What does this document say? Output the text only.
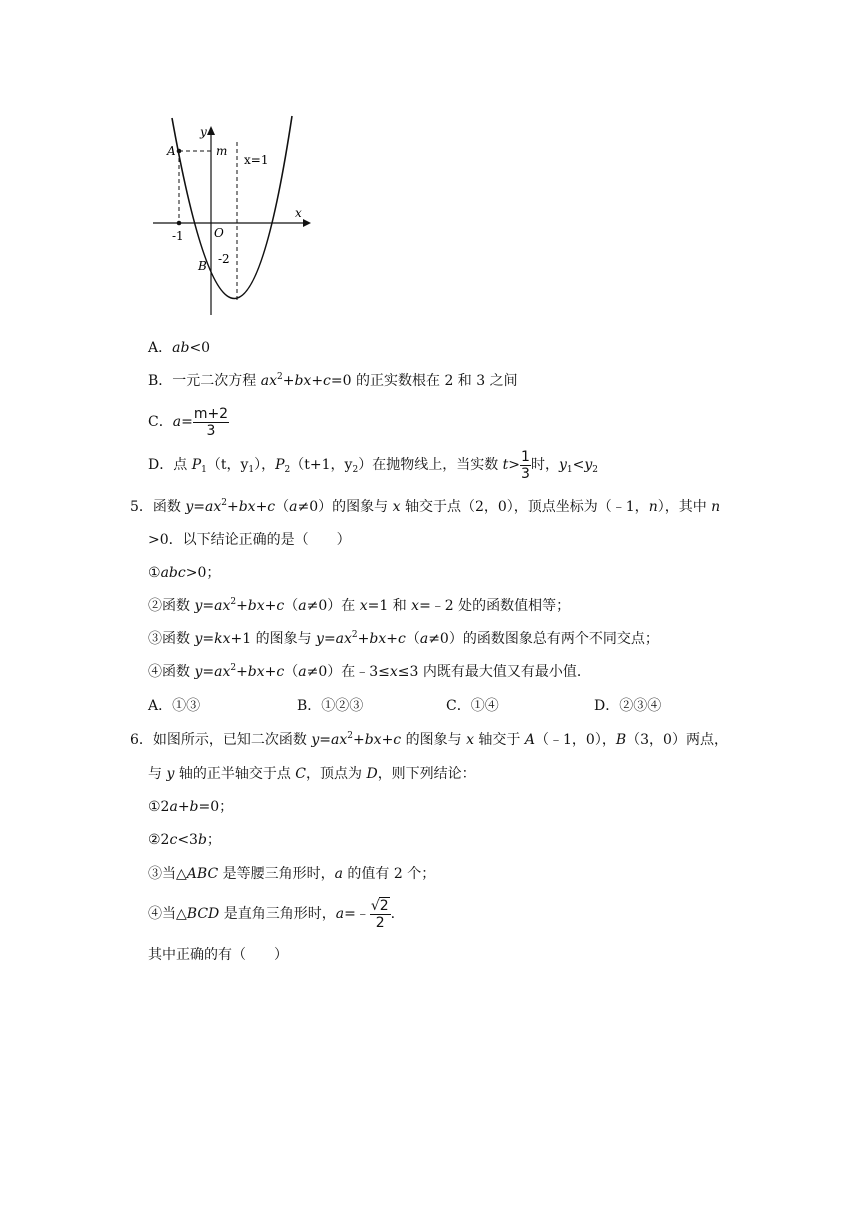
y
x
A	m
x=1
-1	O
B -2
A．ab<0
B．一元二次方程 $ax^2+bx+c=0$ 的正实数根在 2 和 3 之间
C．$a= \frac{m+2}{3}$
D．点 $P_1(t$，$y_1$），$P_2(t+1$，$y_2$）在抛物线上，当实数 $t> \frac{1}{3}$ 时，$y_1<y_2$
5．函数 $y=ax^2+bx+c(a\ne 0)$的图象与 x 轴交于点（2，0），顶点坐标为（﹣1，n），其中 n
>0．以下结论正确的是（　　）
①abc>0；
②函数 $y=ax^2+bx+c(a\ne 0)$在 x=1 和 x=﹣2 处的函数值相等；
③函数 y=kx+1 的图象与 $y=ax^2+bx+c(a\ne 0)$的函数图象总有两个不同交点；
④函数 $y=ax^2+bx+c(a\ne 0)$在﹣3≤x≤3 内既有最大值又有最小值．
A．①③	B．①②③	C．①④	D．②③④
6．如图所示，已知二次函数 $y=ax^2+bx+c$ 的图象与 x 轴交于 A（﹣1，0），B（3，0）两点，
与 y 轴的正半轴交于点 C，顶点为 D，则下列结论：
①2a+b=0；
②2c<3b；
③当△ABC 是等腰三角形时，a 的值有 2 个；
④当△BCD 是直角三角形时，a=﹣ $\frac{√2}{2}$ .
其中正确的有（　　）
